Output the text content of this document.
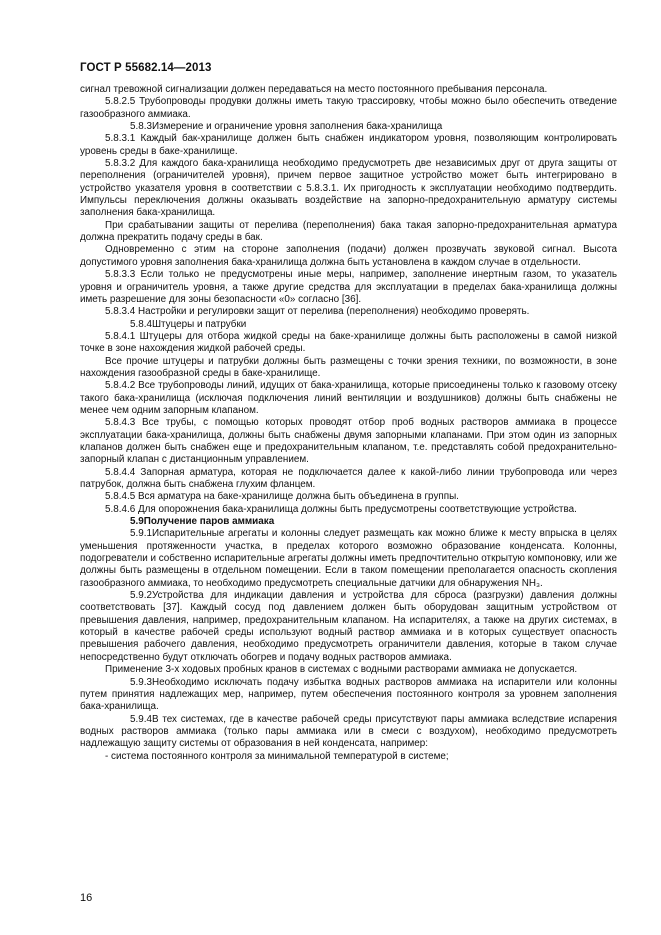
ГОСТ Р 55682.14—2013

сигнал тревожной сигнализации должен передаваться на место постоянного пребывания персонала.

5.8.2.5 Трубопроводы продувки должны иметь такую трассировку, чтобы можно было обеспечить отведение газообразного аммиака.

5.8.3Измерение и ограничение уровня заполнения бака-хранилища

5.8.3.1 Каждый бак-хранилище должен быть снабжен индикатором уровня, позволяющим контролировать уровень среды в баке-хранилище.

5.8.3.2 Для каждого бака-хранилища необходимо предусмотреть две независимых друг от друга защиты от переполнения (ограничителей уровня), причем первое защитное устройство может быть интегрировано в устройство указателя уровня в соответствии с 5.8.3.1. Их пригодность к эксплуатации необходимо подтвердить. Импульсы переключения должны оказывать воздействие на запорно-предохранительную арматуру системы заполнения бака-хранилища.

При срабатывании защиты от перелива (переполнения) бака такая запорно-предохранительная арматура должна прекратить подачу среды в бак.

Одновременно с этим на стороне заполнения (подачи) должен прозвучать звуковой сигнал. Высота допустимого уровня заполнения бака-хранилища должна быть установлена в каждом случае в отдельности.

5.8.3.3 Если только не предусмотрены иные меры, например, заполнение инертным газом, то указатель уровня и ограничитель уровня, а также другие средства для эксплуатации в пределах бака-хранилища должны иметь разрешение для зоны безопасности «0» согласно [36].

5.8.3.4 Настройки и регулировки защит от перелива (переполнения) необходимо проверять.

5.8.4Штуцеры и патрубки

5.8.4.1 Штуцеры для отбора жидкой среды на баке-хранилище должны быть расположены в самой низкой точке в зоне нахождения жидкой рабочей среды.

Все прочие штуцеры и патрубки должны быть размещены с точки зрения техники, по возможности, в зоне нахождения газообразной среды в баке-хранилище.

5.8.4.2 Все трубопроводы линий, идущих от бака-хранилища, которые присоединены только к газовому отсеку такого бака-хранилища (исключая подключения линий вентиляции и воздушников) должны быть снабжены не менее чем одним запорным клапаном.

5.8.4.3 Все трубы, с помощью которых проводят отбор проб водных растворов аммиака в процессе эксплуатации бака-хранилища, должны быть снабжены двумя запорными клапанами. При этом один из запорных клапанов должен быть снабжен еще и предохранительным клапаном, т.е. представлять собой предохранительно-запорный клапан с дистанционным управлением.

5.8.4.4 Запорная арматура, которая не подключается далее к какой-либо линии трубопровода или через патрубок, должна быть снабжена глухим фланцем.

5.8.4.5 Вся арматура на баке-хранилище должна быть объединена в группы.

5.8.4.6 Для опорожнения бака-хранилища должны быть предусмотрены соответствующие устройства.

5.9Получение паров аммиака

5.9.1Испарительные агрегаты и колонны следует размещать как можно ближе к месту впрыска в целях уменьшения протяженности участка, в пределах которого возможно образование конденсата. Колонны, подогреватели и собственно испарительные агрегаты должны иметь предпочтительно открытую компоновку, или же должны быть размещены в отдельном помещении. Если в таком помещении преполагается опасность скопления газообразного аммиака, то необходимо предусмотреть специальные датчики для обнаружения NH₃.

5.9.2Устройства для индикации давления и устройства для сброса (разгрузки) давления должны соответствовать [37]. Каждый сосуд под давлением должен быть оборудован защитным устройством от превышения давления, например, предохранительным клапаном. На испарителях, а также на других системах, в который в качестве рабочей среды используют водный раствор аммиака и в которых существует опасность превышения рабочего давления, необходимо предусмотреть ограничители давления, которые в таком случае непосредственно будут отключать обогрев и подачу водных растворов аммиака.

Применение 3-х ходовых пробных кранов в системах с водными растворами аммиака не допускается.

5.9.3Необходимо исключать подачу избытка водных растворов аммиака на испарители или колонны путем принятия надлежащих мер, например, путем обеспечения постоянного контроля за уровнем заполнения бака-хранилища.

5.9.4В тех системах, где в качестве рабочей среды присутствуют пары аммиака вследствие испарения водных растворов аммиака (только пары аммиака или в смеси с воздухом), необходимо предусмотреть надлежащую защиту системы от образования в ней конденсата, например:

- система постоянного контроля за минимальной температурой в системе;

16
